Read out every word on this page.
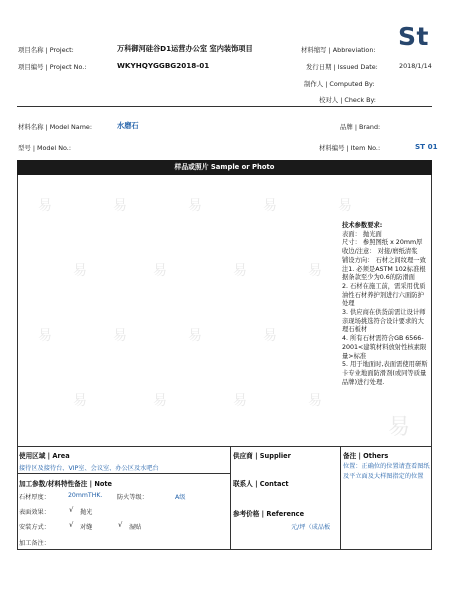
项目名称 | Project:	万科御河硅谷D1运营办公室 室内装饰项目
项目编号 | Project No.:	WKYHQYGGBG2018-01
材料缩写 | Abbreviation: St
发行日期 | Issued Date:	2018/1/14
制作人 | Computed By:
校对人 | Check By:
材料名称 | Model Name:	水磨石	品牌 | Brand:
型号 | Model No.:	材料编号 | Item No.:	ST 01
样品或照片 Sample or Photo
易	易	易	易	易
易	易	易	易
易	易	易	易
易	易	易	易
易
技术参数要求:
表面： 抛光面
尺寸： 参照图纸 x 20mm厚
收边/注意： 对接/磨纸清浆
铺设方向： 石材之间纹理一致
注1. 必须是ASTM 102标准根据条款至少为0.6的防滑面
2. 石材在施工前，需采用优质油性石材养护剂进行六面防护处理
3. 供应商在供货前需让设计师亲现场挑选符合设计要求的大理石板材
4. 所有石材需符合GB 6566-2001<建筑材料放射性核素限量>标准
5. 用于地面时,表面需使用研斯卡专业地面防滑剂(或同等质量品牌)进行处理.
使用区域 | Area
接待区及接待台、VIP室、会议室、办公区及水吧台
加工参数/材料特性备注 | Note
石材厚度：	20mmTHK. 防火等级：	A级
表面效果：	√ 抛光
安装方式：	√ 对缝	√ 湿贴
加工备注：
供应商 | Supplier
联系人 | Contact
参考价格 | Reference
元/坪（成品板
备注 | Others
位置：正确位的位置请查看图纸及平立面及大样图指定的位置
